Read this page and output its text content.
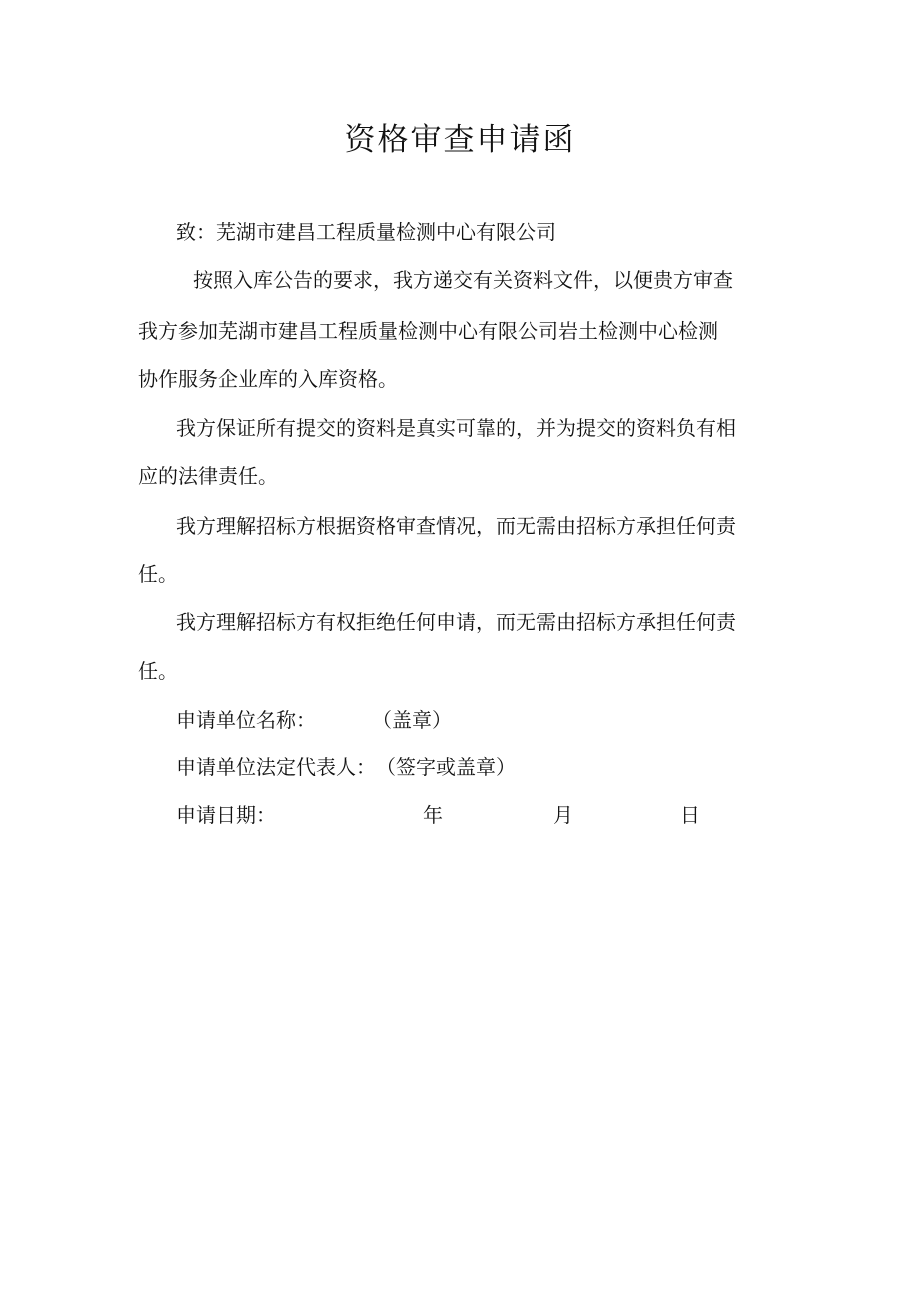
资格审查申请函
致：芜湖市建昌工程质量检测中心有限公司
按照入库公告的要求，我方递交有关资料文件，以便贵方审查
我方参加芜湖市建昌工程质量检测中心有限公司岩土检测中心检测
协作服务企业库的入库资格。
我方保证所有提交的资料是真实可靠的，并为提交的资料负有相
应的法律责任。
我方理解招标方根据资格审查情况，而无需由招标方承担任何责
任。
我方理解招标方有权拒绝任何申请，而无需由招标方承担任何责
任。
申请单位名称：	（盖章）
申请单位法定代表人：（签字或盖章）
申请日期：	年	月	日
